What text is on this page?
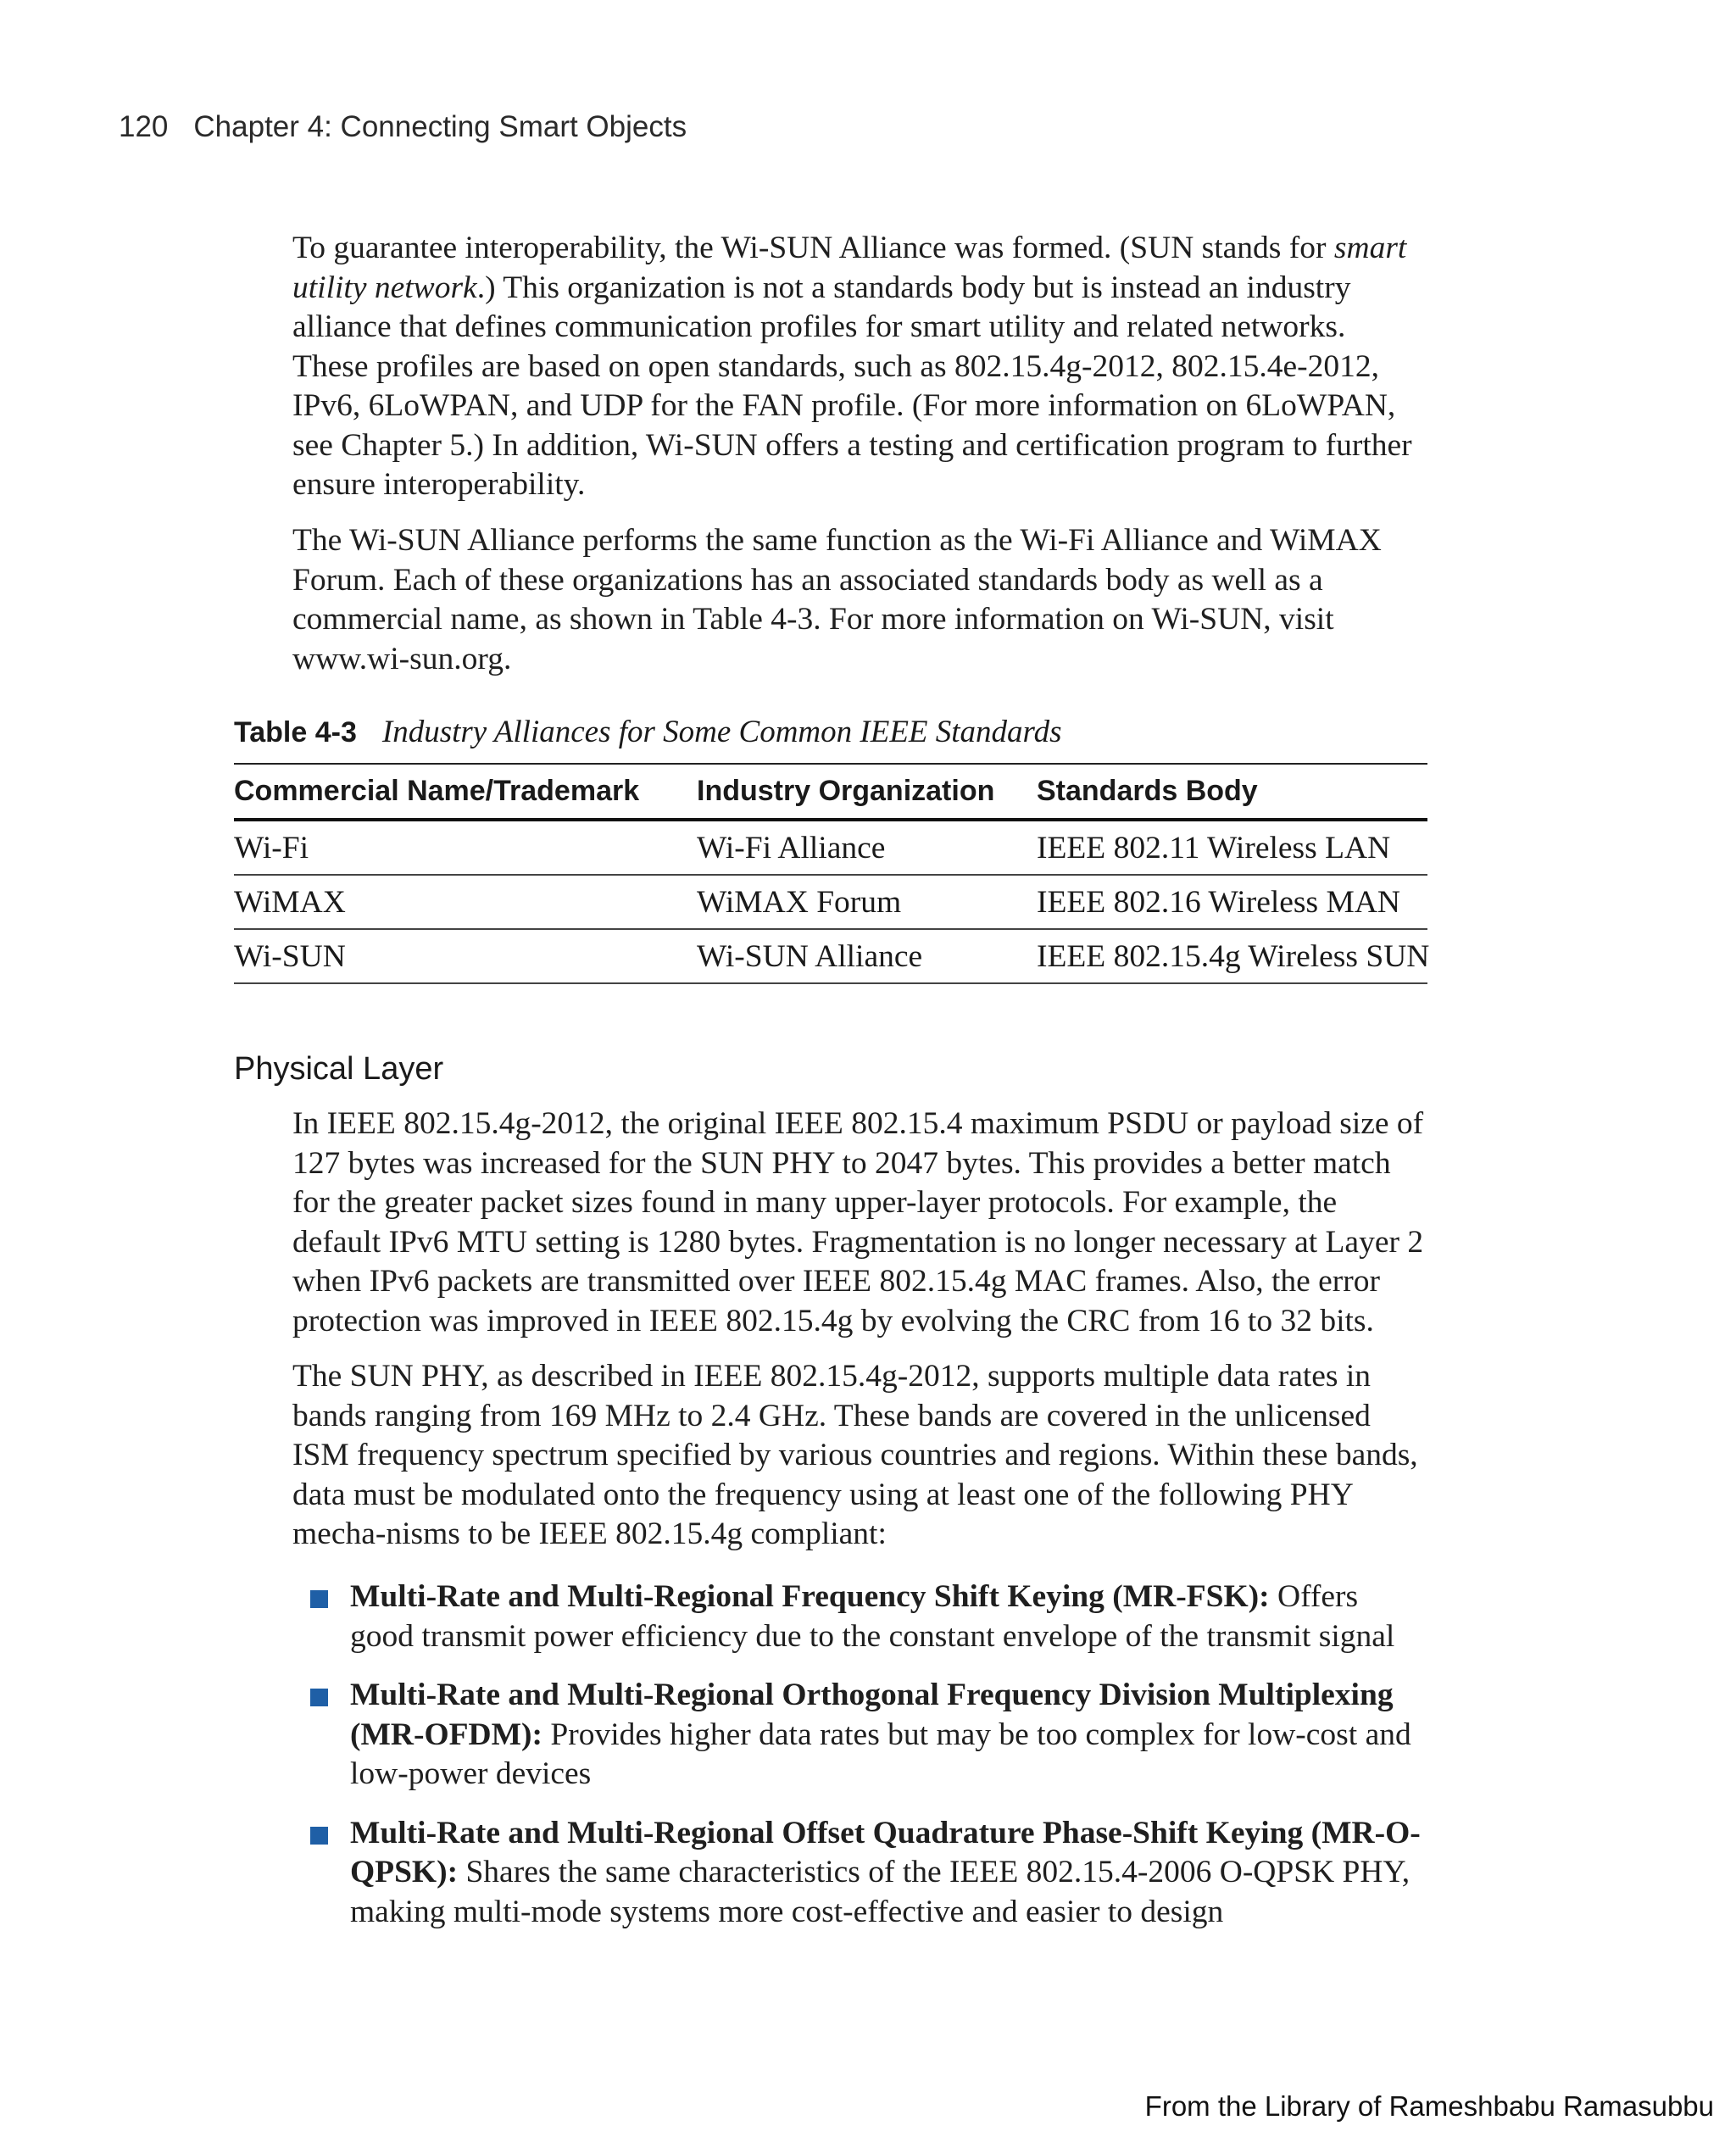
120 Chapter 4: Connecting Smart Objects

To guarantee interoperability, the Wi-SUN Alliance was formed. (SUN stands for smart utility network.) This organization is not a standards body but is instead an industry alliance that defines communication profiles for smart utility and related networks. These profiles are based on open standards, such as 802.15.4g-2012, 802.15.4e-2012, IPv6, 6LoWPAN, and UDP for the FAN profile. (For more information on 6LoWPAN, see Chapter 5.) In addition, Wi-SUN offers a testing and certification program to further ensure interoperability.

The Wi-SUN Alliance performs the same function as the Wi-Fi Alliance and WiMAX Forum. Each of these organizations has an associated standards body as well as a commercial name, as shown in Table 4-3. For more information on Wi-SUN, visit www.wi-sun.org.

Table 4-3 Industry Alliances for Some Common IEEE Standards
Commercial Name/Trademark	Industry Organization	Standards Body
Wi-Fi	Wi-Fi Alliance	IEEE 802.11 Wireless LAN
WiMAX	WiMAX Forum	IEEE 802.16 Wireless MAN
Wi-SUN	Wi-SUN Alliance	IEEE 802.15.4g Wireless SUN
Physical Layer

In IEEE 802.15.4g-2012, the original IEEE 802.15.4 maximum PSDU or payload size of 127 bytes was increased for the SUN PHY to 2047 bytes. This provides a better match for the greater packet sizes found in many upper-layer protocols. For example, the default IPv6 MTU setting is 1280 bytes. Fragmentation is no longer necessary at Layer 2 when IPv6 packets are transmitted over IEEE 802.15.4g MAC frames. Also, the error protection was improved in IEEE 802.15.4g by evolving the CRC from 16 to 32 bits.

The SUN PHY, as described in IEEE 802.15.4g-2012, supports multiple data rates in bands ranging from 169 MHz to 2.4 GHz. These bands are covered in the unlicensed ISM frequency spectrum specified by various countries and regions. Within these bands, data must be modulated onto the frequency using at least one of the following PHY mecha-nisms to be IEEE 802.15.4g compliant:

Multi-Rate and Multi-Regional Frequency Shift Keying (MR-FSK): Offers good transmit power efficiency due to the constant envelope of the transmit signal
Multi-Rate and Multi-Regional Orthogonal Frequency Division Multiplexing (MR-OFDM): Provides higher data rates but may be too complex for low-cost and low-power devices
Multi-Rate and Multi-Regional Offset Quadrature Phase-Shift Keying (MR-O-QPSK): Shares the same characteristics of the IEEE 802.15.4-2006 O-QPSK PHY, making multi-mode systems more cost-effective and easier to design
From the Library of Rameshbabu Ramasubbu
